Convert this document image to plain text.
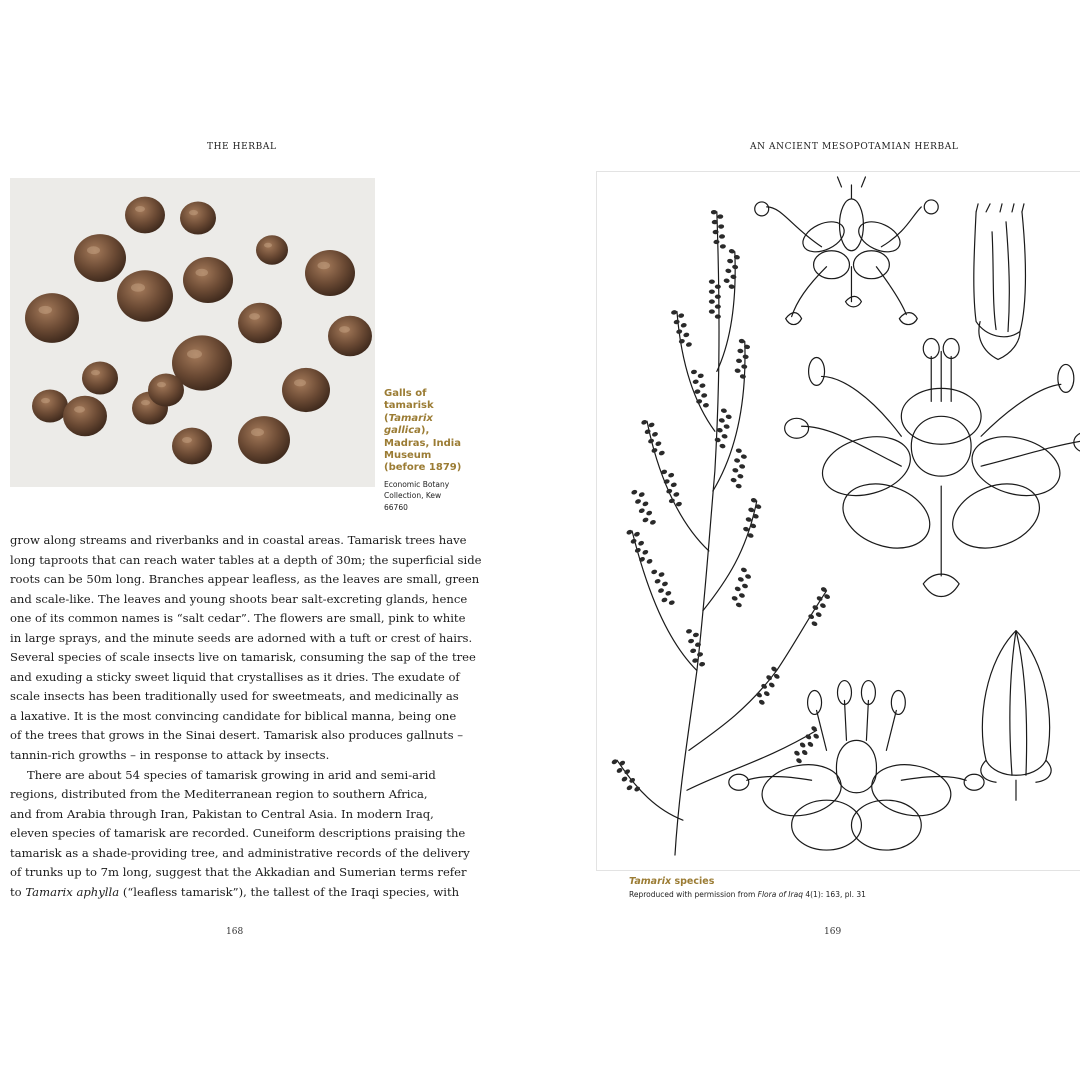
THE HERBAL
Galls of tamarisk (Tamarix gallica), Madras, India Museum (before 1879)
Economic Botany
Collection, Kew
66760
grow along streams and riverbanks and in coastal areas. Tamarisk trees have
long taproots that can reach water tables at a depth of 30m; the superficial side
roots can be 50m long. Branches appear leafless, as the leaves are small, green
and scale-like. The leaves and young shoots bear salt-excreting glands, hence
one of its common names is “salt cedar”. The flowers are small, pink to white
in large sprays, and the minute seeds are adorned with a tuft or crest of hairs.
Several species of scale insects live on tamarisk, consuming the sap of the tree
and exuding a sticky sweet liquid that crystallises as it dries. The exudate of
scale insects has been traditionally used for sweetmeats, and medicinally as
a laxative. It is the most convincing candidate for biblical manna, being one
of the trees that grows in the Sinai desert. Tamarisk also produces gallnuts –
tannin-rich growths – in response to attack by insects.
There are about 54 species of tamarisk growing in arid and semi-arid
regions, distributed from the Mediterranean region to southern Africa,
and from Arabia through Iran, Pakistan to Central Asia. In modern Iraq,
eleven species of tamarisk are recorded. Cuneiform descriptions praising the
tamarisk as a shade-providing tree, and administrative records of the delivery
of trunks up to 7m long, suggest that the Akkadian and Sumerian terms refer
to Tamarix aphylla (“leafless tamarisk”), the tallest of the Iraqi species, with
168
AN ANCIENT MESOPOTAMIAN HERBAL
169
Tamarix species
Reproduced with permission from Flora of Iraq 4(1): 163, pl. 31
